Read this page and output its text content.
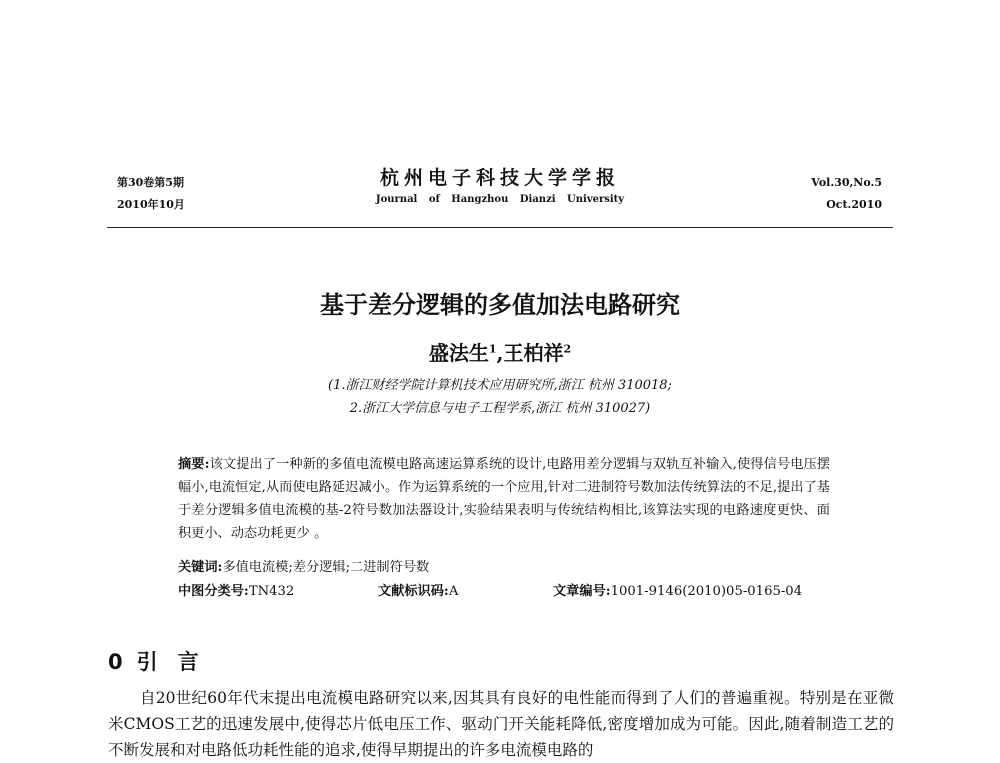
第30卷第5期
2010年10月
杭州电子科技大学学报
Journal of Hangzhou Dianzi University
Vol.30,No.5
Oct.2010
基于差分逻辑的多值加法电路研究
盛法生$^1$,王柏祥$^2$
(1.浙江财经学院计算机技术应用研究所,浙江 杭州 310018;
2.浙江大学信息与电子工程学系,浙江 杭州 310027)
摘要:该文提出了一种新的多值电流模电路高速运算系统的设计,电路用差分逻辑与双轨互补输入,使得信号电压摆幅小,电流恒定,从而使电路延迟减小。作为运算系统的一个应用,针对二进制符号数加法传统算法的不足,提出了基于差分逻辑多值电流模的基-2符号数加法器设计,实验结果表明与传统结构相比,该算法实现的电路速度更快、面积更小、动态功耗更少 。
关键词:多值电流模;差分逻辑;二进制符号数
中图分类号:TN432	文献标识码:A	文章编号:1001-9146(2010)05-0165-04
0 引言
自20世纪60年代末提出电流模电路研究以来,因其具有良好的电性能而得到了人们的普遍重视。特别是在亚微米CMOS工艺的迅速发展中,使得芯片低电压工作、驱动门开关能耗降低,密度增加成为可能。因此,随着制造工艺的不断发展和对电路低功耗性能的追求,使得早期提出的许多电流模电路的
